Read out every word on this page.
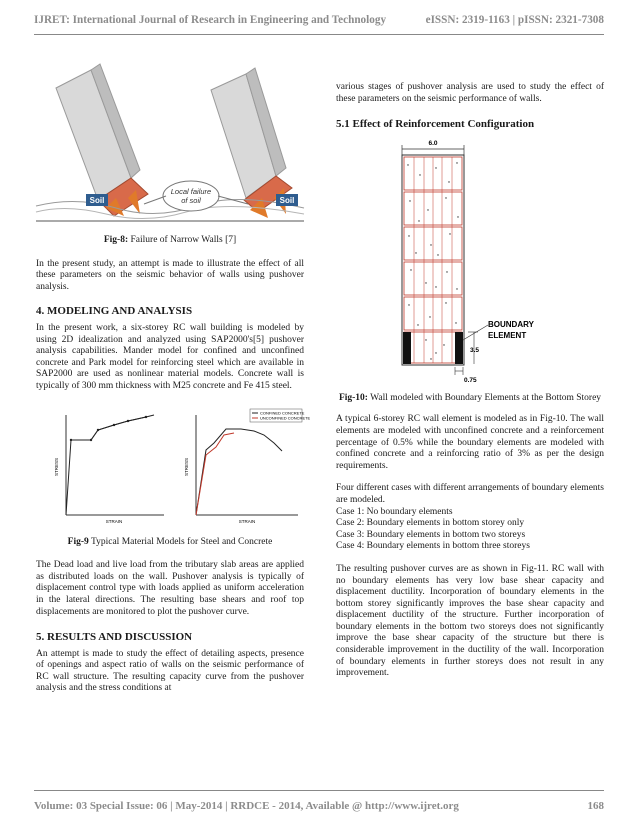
IJRET: International Journal of Research in Engineering and Technology	eISSN: 2319-1163 | pISSN: 2321-7308
Soil	Soil
Local failure
of soil

Fig-8: Failure of Narrow Walls [7]

In the present study, an attempt is made to illustrate the effect of all these parameters on the seismic behavior of walls using pushover analysis.

4. MODELING AND ANALYSIS

In the present work, a six-storey RC wall building is modeled by using 2D idealization and analyzed using SAP2000's[5] pushover analysis capabilities. Mander model for confined and unconfined concrete and Park model for reinforcing steel which are available in SAP2000 are used as nonlinear material models. Concrete wall is typically of 300 mm thickness with M25 concrete and Fe 415 steel.

STRESS
STRAIN
CONFINED CONCRETE
UNCONFINED CONCRETE
STRESS
STRAIN

Fig-9 Typical Material Models for Steel and Concrete

The Dead load and live load from the tributary slab areas are applied as distributed loads on the wall. Pushover analysis is typically of displacement control type with loads applied as uniform acceleration in the lateral directions. The resulting base shears and roof top displacements are monitored to plot the pushover curve.

5. RESULTS AND DISCUSSION

An attempt is made to study the effect of detailing aspects, presence of openings and aspect ratio of walls on the seismic performance of RC wall structure. The resulting capacity curve from the pushover analysis and the stress conditions at

various stages of pushover analysis are used to study the effect of these parameters on the seismic performance of walls.

5.1 Effect of Reinforcement Configuration

6.0
3.5
0.75
BOUNDARY
ELEMENT

Fig-10: Wall modeled with Boundary Elements at the Bottom Storey

A typical 6-storey RC wall element is modeled as in Fig-10. The wall elements are modeled with unconfined concrete and a reinforcement percentage of 0.5% while the boundary elements are modeled with confined concrete and a reinforcing ratio of 3% as per the design requirements.

Four different cases with different arrangements of boundary elements are modeled.

Case 1: No boundary elements

Case 2: Boundary elements in bottom storey only

Case 3: Boundary elements in bottom two storeys

Case 4: Boundary elements in bottom three storeys

The resulting pushover curves are as shown in Fig-11. RC wall with no boundary elements has very low base shear capacity and displacement ductility. Incorporation of boundary elements in the bottom storey significantly improves the base shear capacity and displacement ductility of the structure. Further incorporation of boundary elements in the bottom two storeys does not significantly improve the base shear capacity of the structure but there is considerable improvement in the ductility of the wall. Incorporation of boundary elements in further storeys does not result in any improvement.

Volume: 03 Special Issue: 06 | May-2014 | RRDCE - 2014, Available @ http://www.ijret.org	168
